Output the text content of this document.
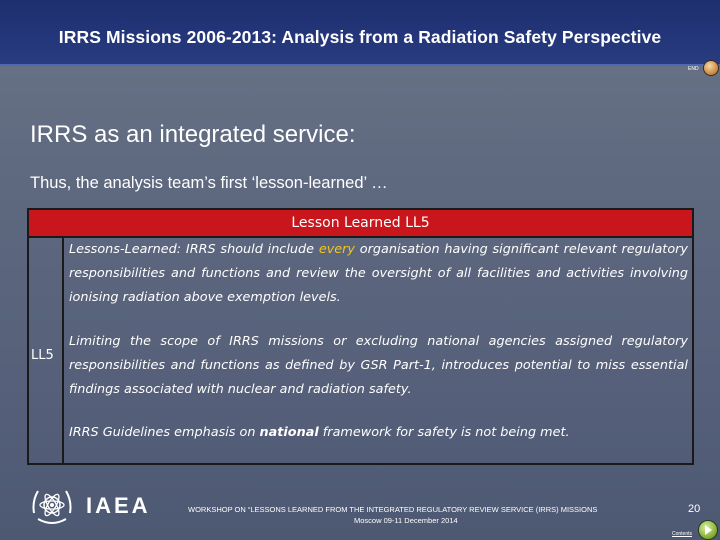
IRRS Missions 2006-2013: Analysis from a Radiation Safety Perspective
END
IRRS as an integrated service:
Thus, the analysis team’s first ‘lesson-learned’ …
Lesson Learned LL5
LL5
Lessons-Learned: IRRS should include every organisation having significant relevant regulatory responsibilities and functions and review the oversight of all facilities and activities involving ionising radiation above exemption levels.
Limiting the scope of IRRS missions or excluding national agencies assigned regulatory responsibilities and functions as defined by GSR Part-1, introduces potential to miss essential findings associated with nuclear and radiation safety.
IRRS Guidelines emphasis on national framework for safety is not being met.
IAEA	WORKSHOP ON “LESSONS LEARNED FROM THE INTEGRATED REGULATORY REVIEW SERVICE (IRRS) MISSIONS
Moscow 09-11 December 2014
20
Contents
